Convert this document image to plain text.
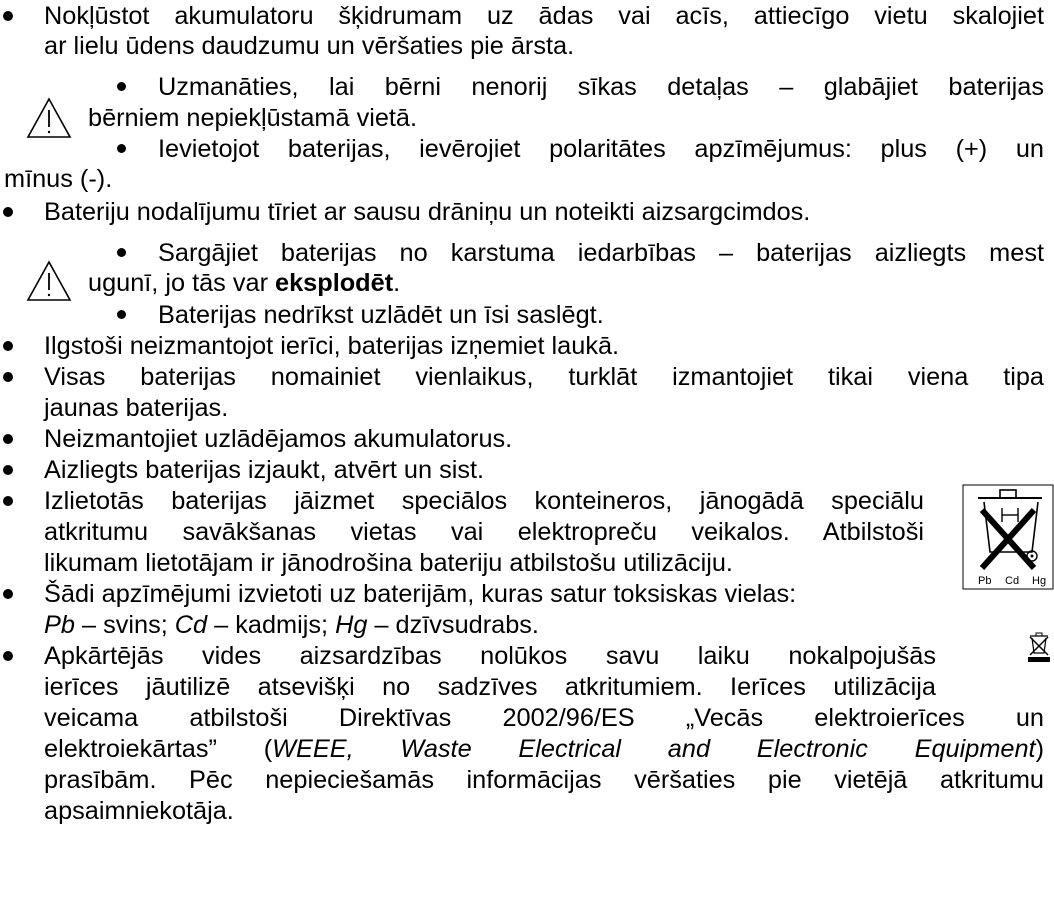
Nokļūstot akumulatoru šķidrumam uz ādas vai acīs, attiecīgo vietu skalojiet
ar lielu ūdens daudzumu un vēršaties pie ārsta.
Uzmanāties, lai bērni nenorij sīkas detaļas – glabājiet baterijas
bērniem nepiekļūstamā vietā.
Ievietojot baterijas, ievērojiet polaritātes apzīmējumus: plus (+) un
mīnus (-).
Bateriju nodalījumu tīriet ar sausu drāniņu un noteikti aizsargcimdos.
Sargājiet baterijas no karstuma iedarbības – baterijas aizliegts mest
ugunī, jo tās var eksplodēt.
Baterijas nedrīkst uzlādēt un īsi saslēgt.
Ilgstoši neizmantojot ierīci, baterijas izņemiet laukā.
Visas baterijas nomainiet vienlaikus, turklāt izmantojiet tikai viena tipa
jaunas baterijas.
Neizmantojiet uzlādējamos akumulatorus.
Aizliegts baterijas izjaukt, atvērt un sist.
Izlietotās baterijas jāizmet speciālos konteineros, jānogādā speciālu
atkritumu savākšanas vietas vai elektropreču veikalos. Atbilstoši
likumam lietotājam ir jānodrošina bateriju atbilstošu utilizāciju.
Pb Cd Hg
Šādi apzīmējumi izvietoti uz baterijām, kuras satur toksiskas vielas:
Pb – svins; Cd – kadmijs; Hg – dzīvsudrabs.
Apkārtējās vides aizsardzības nolūkos savu laiku nokalpojušās
ierīces jāutilizē atsevišķi no sadzīves atkritumiem. Ierīces utilizācija
veicama atbilstoši Direktīvas 2002/96/ES „Vecās elektroierīces un
elektroiekārtas” (WEEE, Waste Electrical and Electronic Equipment)
prasībām. Pēc nepieciešamās informācijas vēršaties pie vietējā atkritumu
apsaimniekotāja.
